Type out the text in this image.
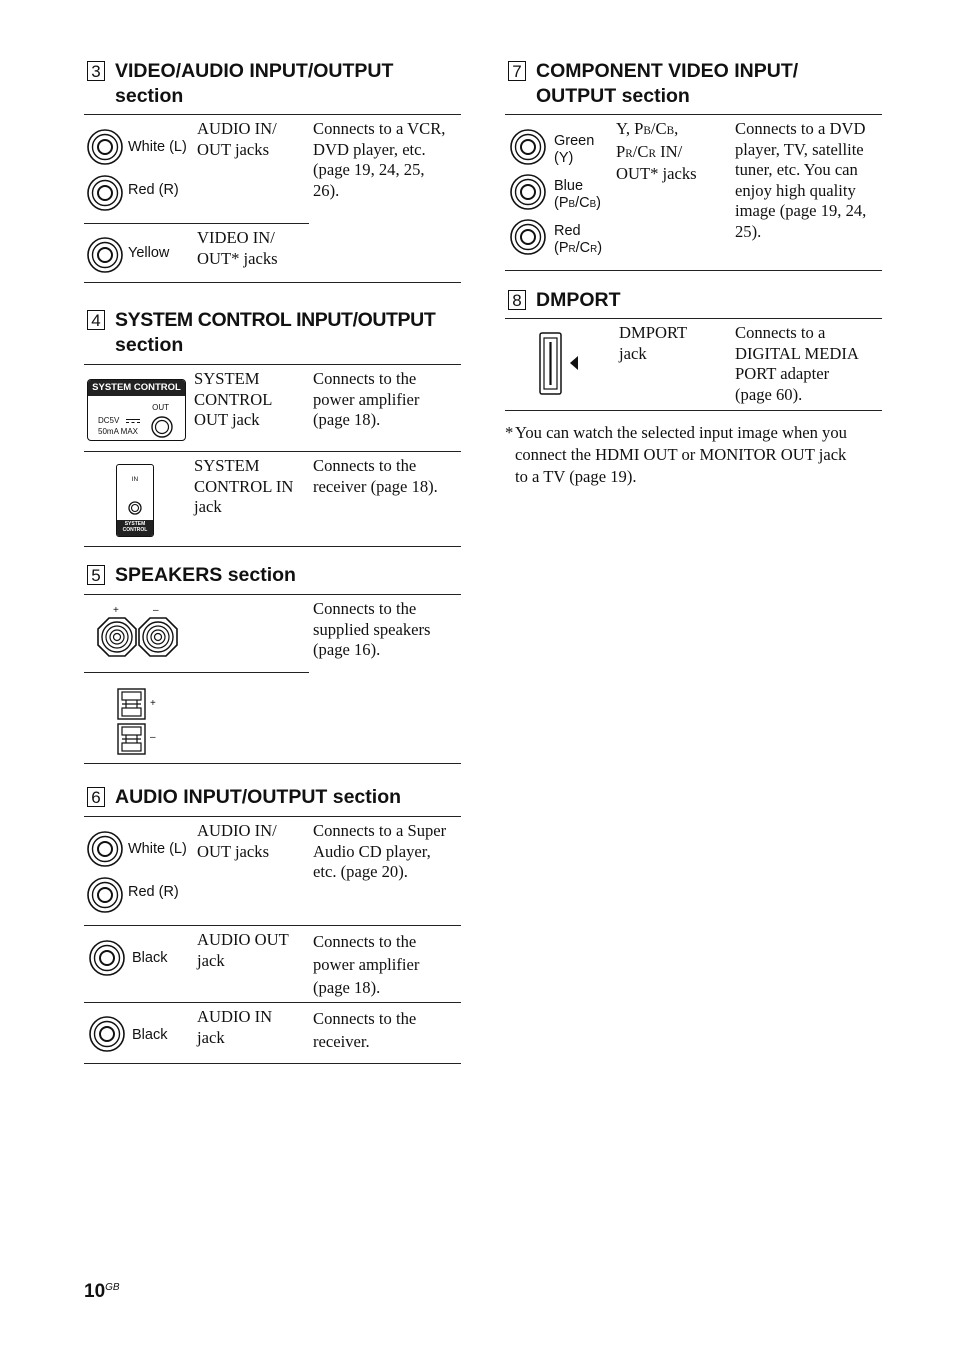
3 VIDEO/AUDIO INPUT/OUTPUT
section
White (L)
Red (R)
AUDIO IN/
OUT jacks
Connects to a VCR,
DVD player, etc.
(page 19, 24, 25,
26).
Yellow
VIDEO IN/
OUT* jacks
4 SYSTEM CONTROL INPUT/OUTPUT
section
SYSTEM CONTROL
OUT
DC5V
50mA MAX
SYSTEM
CONTROL
OUT jack
Connects to the
power amplifier
(page 18).
IN
SYSTEM
CONTROL
SYSTEM
CONTROL IN
jack
Connects to the
receiver (page 18).
5 SPEAKERS section
+	–	Connects to the
supplied speakers
(page 16).
+
–
6 AUDIO INPUT/OUTPUT section
White (L)
Red (R)
AUDIO IN/
OUT jacks
Connects to a Super
Audio CD player,
etc. (page 20).
Black
AUDIO OUT
jack
Connects to the
power amplifier
(page 18).
Black
AUDIO IN
jack
Connects to the
receiver.
7 COMPONENT VIDEO INPUT/
OUTPUT section
Green
(Y)
Blue
(PB/CB)
Red
(PR/CR)
Y, PB/CB,
PR/CR IN/
OUT* jacks
Connects to a DVD
player, TV, satellite
tuner, etc. You can
enjoy high quality
image (page 19, 24,
25).
8 DMPORT
DMPORT
jack
Connects to a
DIGITAL MEDIA
PORT adapter
(page 60).
* You can watch the selected input image when you
connect the HDMI OUT or MONITOR OUT jack
to a TV (page 19).
$10^{GB}$
